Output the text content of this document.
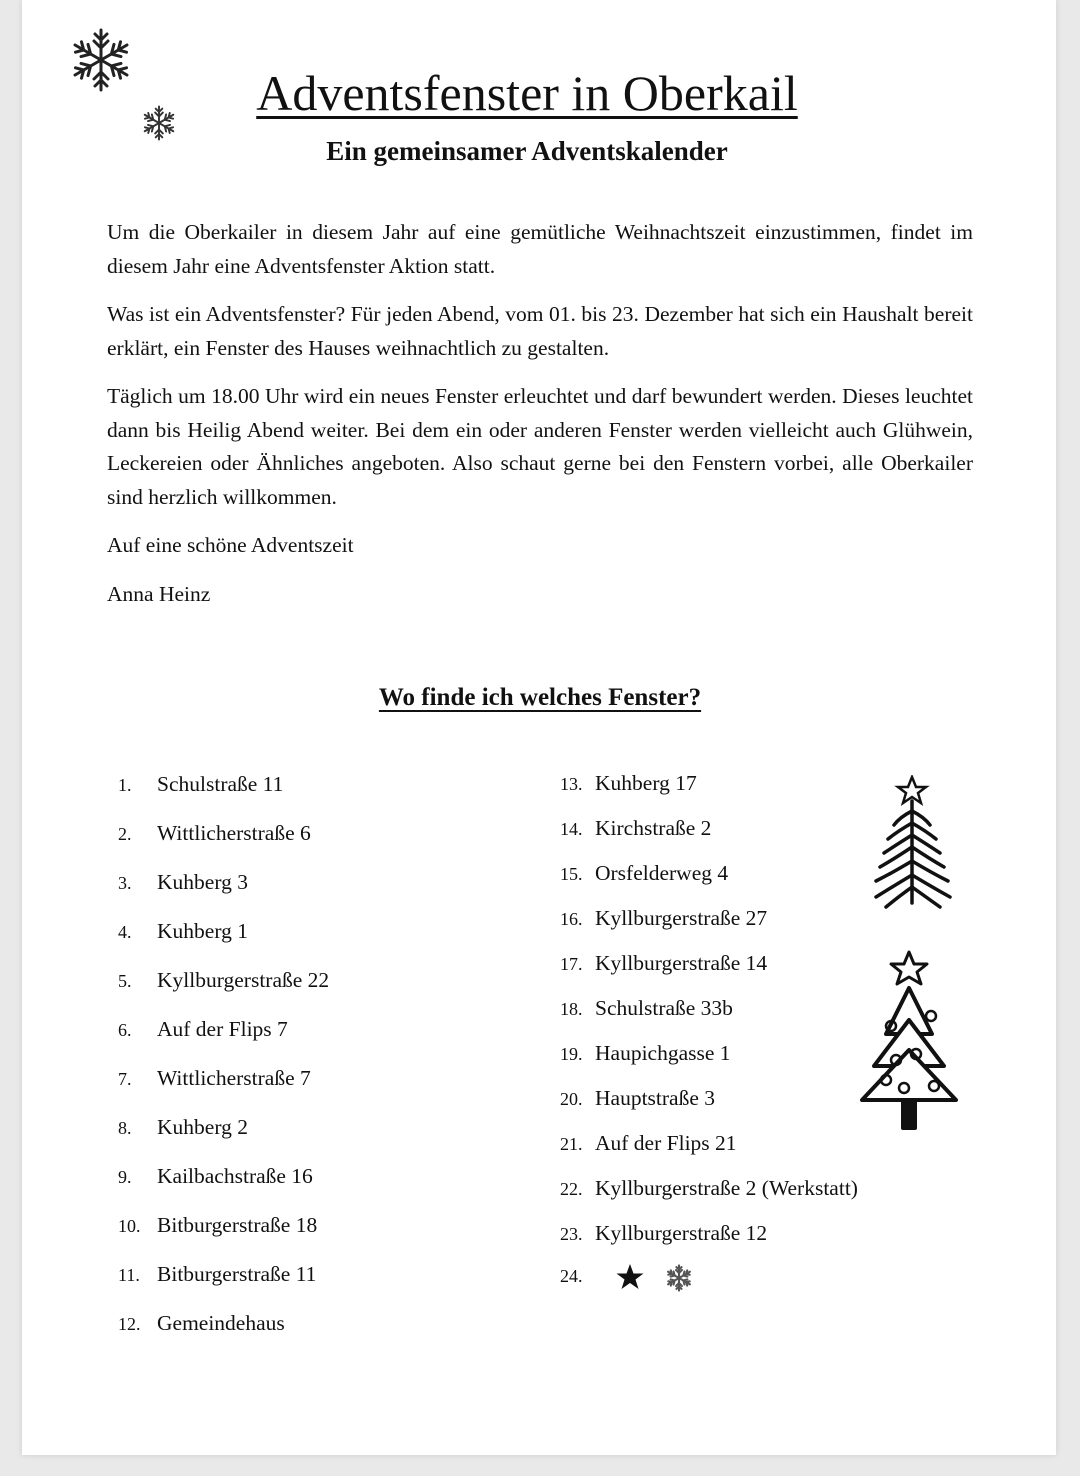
Adventsfenster in Oberkail
Ein gemeinsamer Adventskalender

Um die Oberkailer in diesem Jahr auf eine gemütliche Weihnachtszeit einzustimmen, findet im diesem Jahr eine Adventsfenster Aktion statt.

Was ist ein Adventsfenster? Für jeden Abend, vom 01. bis 23. Dezember hat sich ein Haushalt bereit erklärt, ein Fenster des Hauses weihnachtlich zu gestalten.

Täglich um 18.00 Uhr wird ein neues Fenster erleuchtet und darf bewundert werden. Dieses leuchtet dann bis Heilig Abend weiter. Bei dem ein oder anderen Fenster werden vielleicht auch Glühwein, Leckereien oder Ähnliches angeboten. Also schaut gerne bei den Fenstern vorbei, alle Oberkailer sind herzlich willkommen.

Auf eine schöne Adventszeit

Anna Heinz

Wo finde ich welches Fenster?
1.	Schulstraße 11
2.	Wittlicherstraße 6
3.	Kuhberg 3
4.	Kuhberg 1
5.	Kyllburgerstraße 22
6.	Auf der Flips 7
7.	Wittlicherstraße 7
8.	Kuhberg 2
9.	Kailbachstraße 16
10. Bitburgerstraße 18
11. Bitburgerstraße 11
12. Gemeindehaus
13. Kuhberg 17
14. Kirchstraße 2
15. Orsfelderweg 4
16. Kyllburgerstraße 27
17. Kyllburgerstraße 14
18. Schulstraße 33b
19. Haupichgasse 1
20. Hauptstraße 3
21. Auf der Flips 21
22. Kyllburgerstraße 2 (Werkstatt)
23. Kyllburgerstraße 12
24.
